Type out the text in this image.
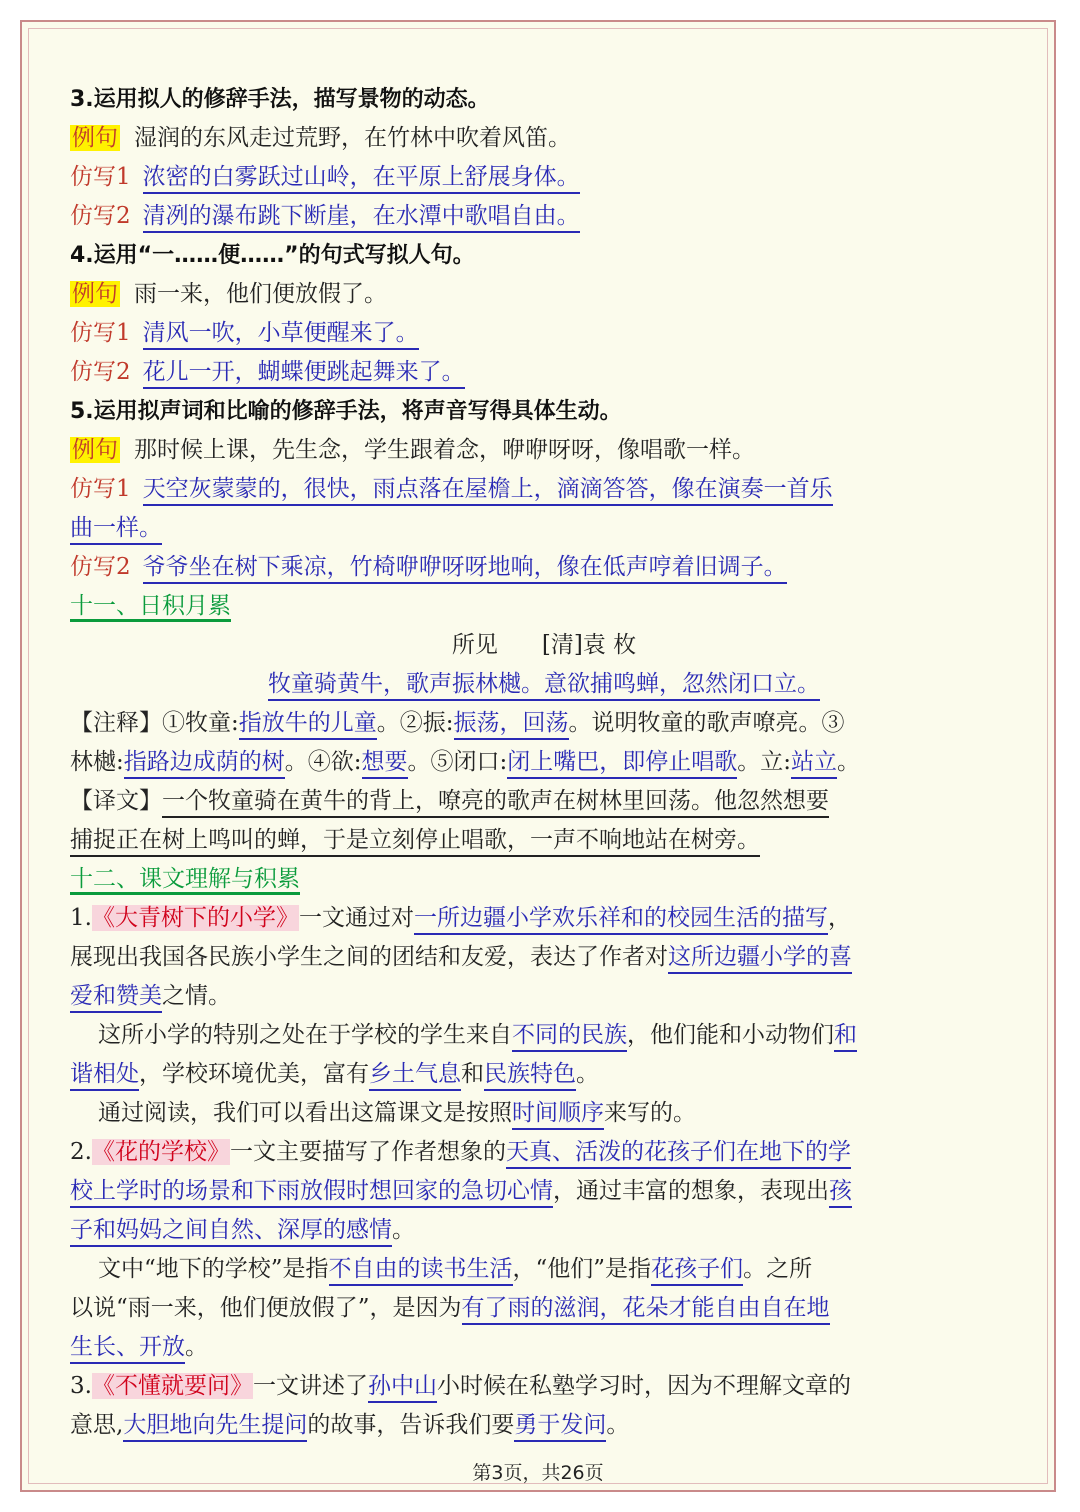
3.运用拟人的修辞手法，描写景物的动态。
例句 湿润的东风走过荒野，在竹林中吹着风笛。
仿写1 浓密的白雾跃过山岭，在平原上舒展身体。
仿写2 清冽的瀑布跳下断崖，在水潭中歌唱自由。
4.运用“一……便……”的句式写拟人句。
例句 雨一来，他们便放假了。
仿写1 清风一吹，小草便醒来了。
仿写2 花儿一开，蝴蝶便跳起舞来了。
5.运用拟声词和比喻的修辞手法，将声音写得具体生动。
例句 那时候上课，先生念，学生跟着念，咿咿呀呀，像唱歌一样。
仿写1 天空灰蒙蒙的，很快，雨点落在屋檐上，滴滴答答，像在演奏一首乐
曲一样。
仿写2 爷爷坐在树下乘凉，竹椅咿咿呀呀地响，像在低声哼着旧调子。
十一、日积月累
所见 [清]袁 枚
牧童骑黄牛，歌声振林樾。意欲捕鸣蝉，忽然闭口立。
【注释】①牧童:指放牛的儿童。②振:振荡，回荡。说明牧童的歌声嘹亮。③
林樾:指路边成荫的树。④欲:想要。⑤闭口:闭上嘴巴，即停止唱歌。立:站立。
【译文】一个牧童骑在黄牛的背上，嘹亮的歌声在树林里回荡。他忽然想要
捕捉正在树上鸣叫的蝉，于是立刻停止唱歌，一声不响地站在树旁。
十二、课文理解与积累
1.《大青树下的小学》一文通过对一所边疆小学欢乐祥和的校园生活的描写，
展现出我国各民族小学生之间的团结和友爱，表达了作者对这所边疆小学的喜
爱和赞美之情。
这所小学的特别之处在于学校的学生来自不同的民族，他们能和小动物们和
谐相处，学校环境优美，富有乡土气息和民族特色。
通过阅读，我们可以看出这篇课文是按照时间顺序来写的。
2.《花的学校》一文主要描写了作者想象的天真、活泼的花孩子们在地下的学
校上学时的场景和下雨放假时想回家的急切心情，通过丰富的想象，表现出孩
子和妈妈之间自然、深厚的感情。
文中“地下的学校”是指不自由的读书生活，“他们”是指花孩子们。之所
以说“雨一来，他们便放假了”，是因为有了雨的滋润，花朵才能自由自在地
生长、开放。
3.《不懂就要问》一文讲述了孙中山小时候在私塾学习时，因为不理解文章的
意思,大胆地向先生提问的故事，告诉我们要勇于发问。
第3页，共26页
